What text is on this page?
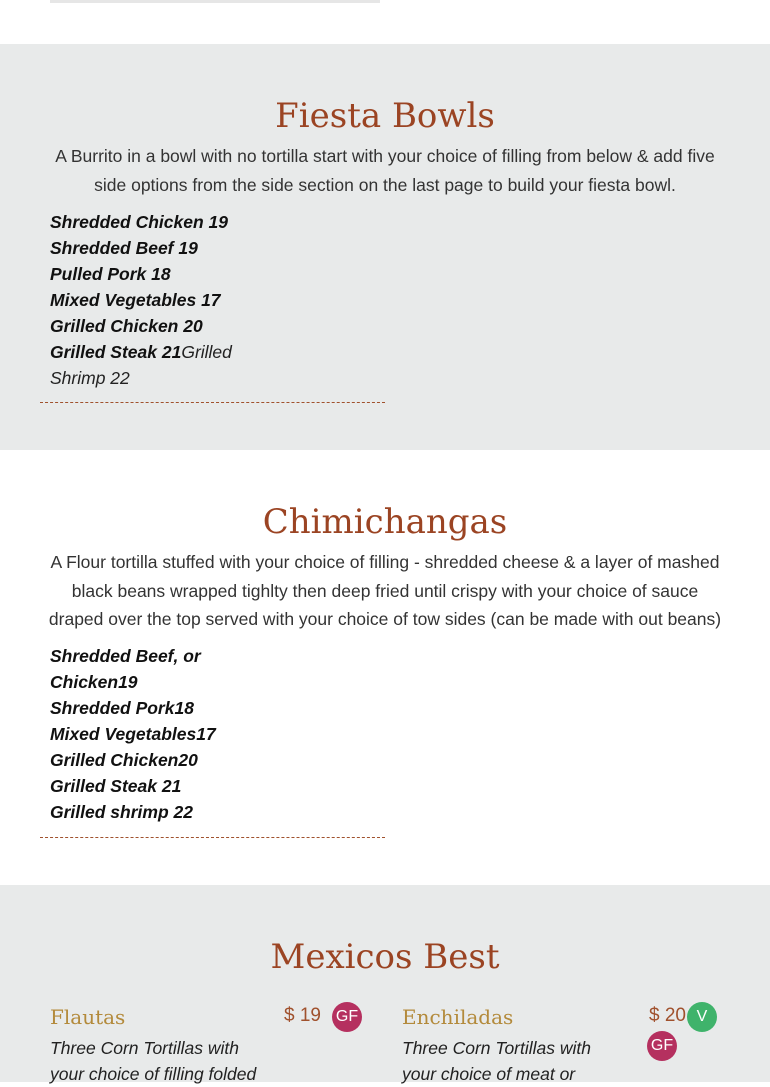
Fiesta Bowls

A Burrito in a bowl with no tortilla start with your choice of filling from below & add five
side options from the side section on the last page to build your fiesta bowl.

Shredded Chicken 19
Shredded Beef 19
Pulled Pork 18
Mixed Vegetables 17
Grilled Chicken 20
Grilled Steak 21Grilled
Shrimp 22
Chimichangas

A Flour tortilla stuffed with your choice of filling - shredded cheese & a layer of mashed
black beans wrapped tighlty then deep fried until crispy with your choice of sauce
draped over the top served with your choice of tow sides (can be made with out beans)

Shredded Beef, or
Chicken19
Shredded Pork18
Mixed Vegetables17
Grilled Chicken20
Grilled Steak 21
Grilled shrimp 22
Mexicos Best
Flautas	$ 19 GF
Three Corn Tortillas with
your choice of filling folded
Enchiladas	$ 20 V
GF
Three Corn Tortillas with
your choice of meat or
